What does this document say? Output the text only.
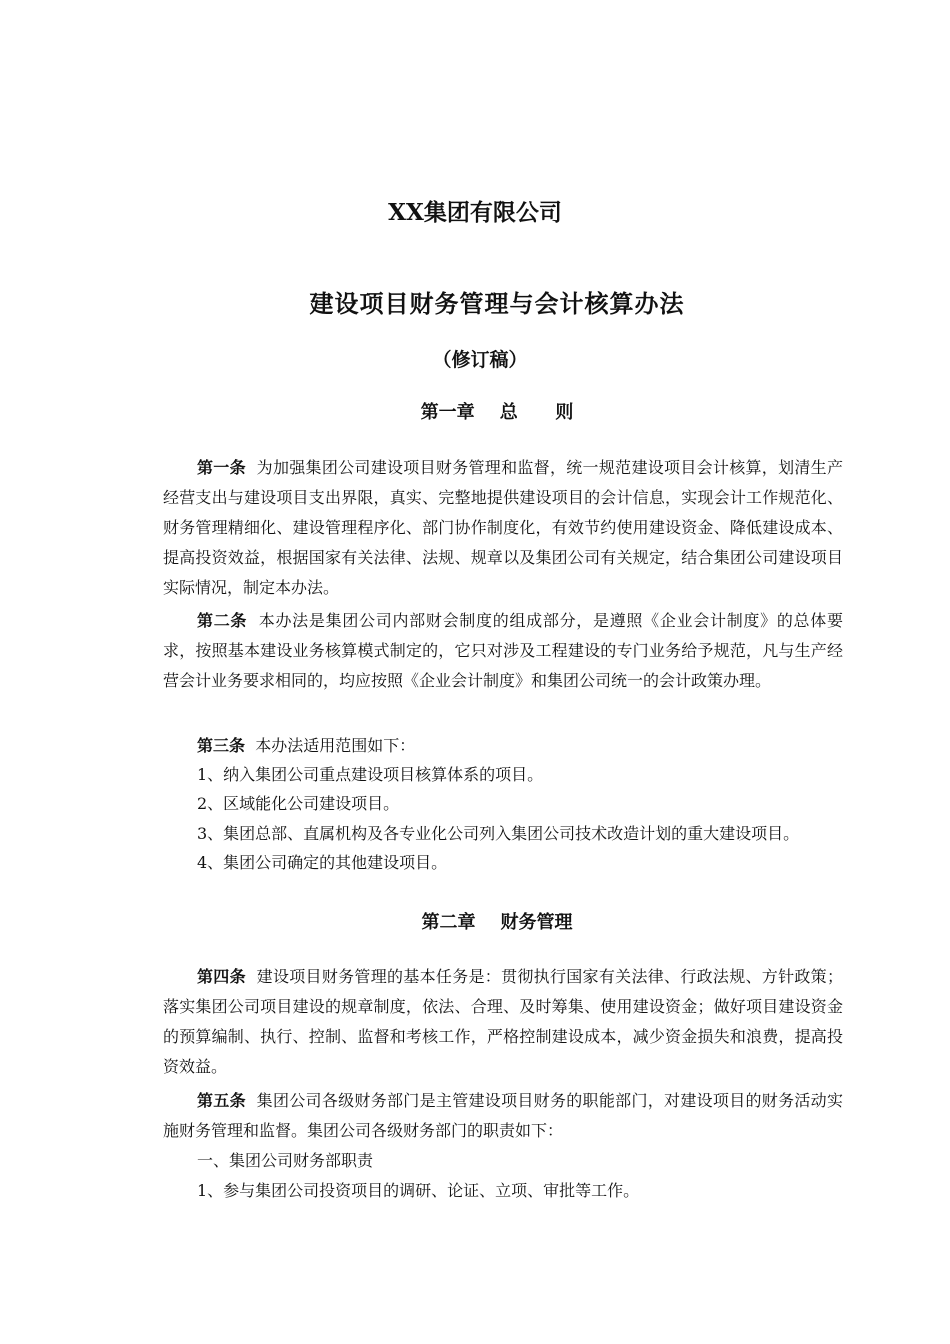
XX集团有限公司
建设项目财务管理与会计核算办法
（修订稿）
第一章    总      则

第一条 为加强集团公司建设项目财务管理和监督，统一规范建设项目会计核算，划清生产经营支出与建设项目支出界限，真实、完整地提供建设项目的会计信息，实现会计工作规范化、财务管理精细化、建设管理程序化、部门协作制度化，有效节约使用建设资金、降低建设成本、提高投资效益，根据国家有关法律、法规、规章以及集团公司有关规定，结合集团公司建设项目实际情况，制定本办法。

第二条 本办法是集团公司内部财会制度的组成部分，是遵照《企业会计制度》的总体要求，按照基本建设业务核算模式制定的，它只对涉及工程建设的专门业务给予规范，凡与生产经营会计业务要求相同的，均应按照《企业会计制度》和集团公司统一的会计政策办理。

第三条 本办法适用范围如下：

1、纳入集团公司重点建设项目核算体系的项目。

2、区域能化公司建设项目。

3、集团总部、直属机构及各专业化公司列入集团公司技术改造计划的重大建设项目。

4、集团公司确定的其他建设项目。

第二章    财务管理

第四条 建设项目财务管理的基本任务是：贯彻执行国家有关法律、行政法规、方针政策；落实集团公司项目建设的规章制度，依法、合理、及时筹集、使用建设资金；做好项目建设资金的预算编制、执行、控制、监督和考核工作，严格控制建设成本，减少资金损失和浪费，提高投资效益。

第五条 集团公司各级财务部门是主管建设项目财务的职能部门，对建设项目的财务活动实施财务管理和监督。集团公司各级财务部门的职责如下：

一、集团公司财务部职责

1、参与集团公司投资项目的调研、论证、立项、审批等工作。
